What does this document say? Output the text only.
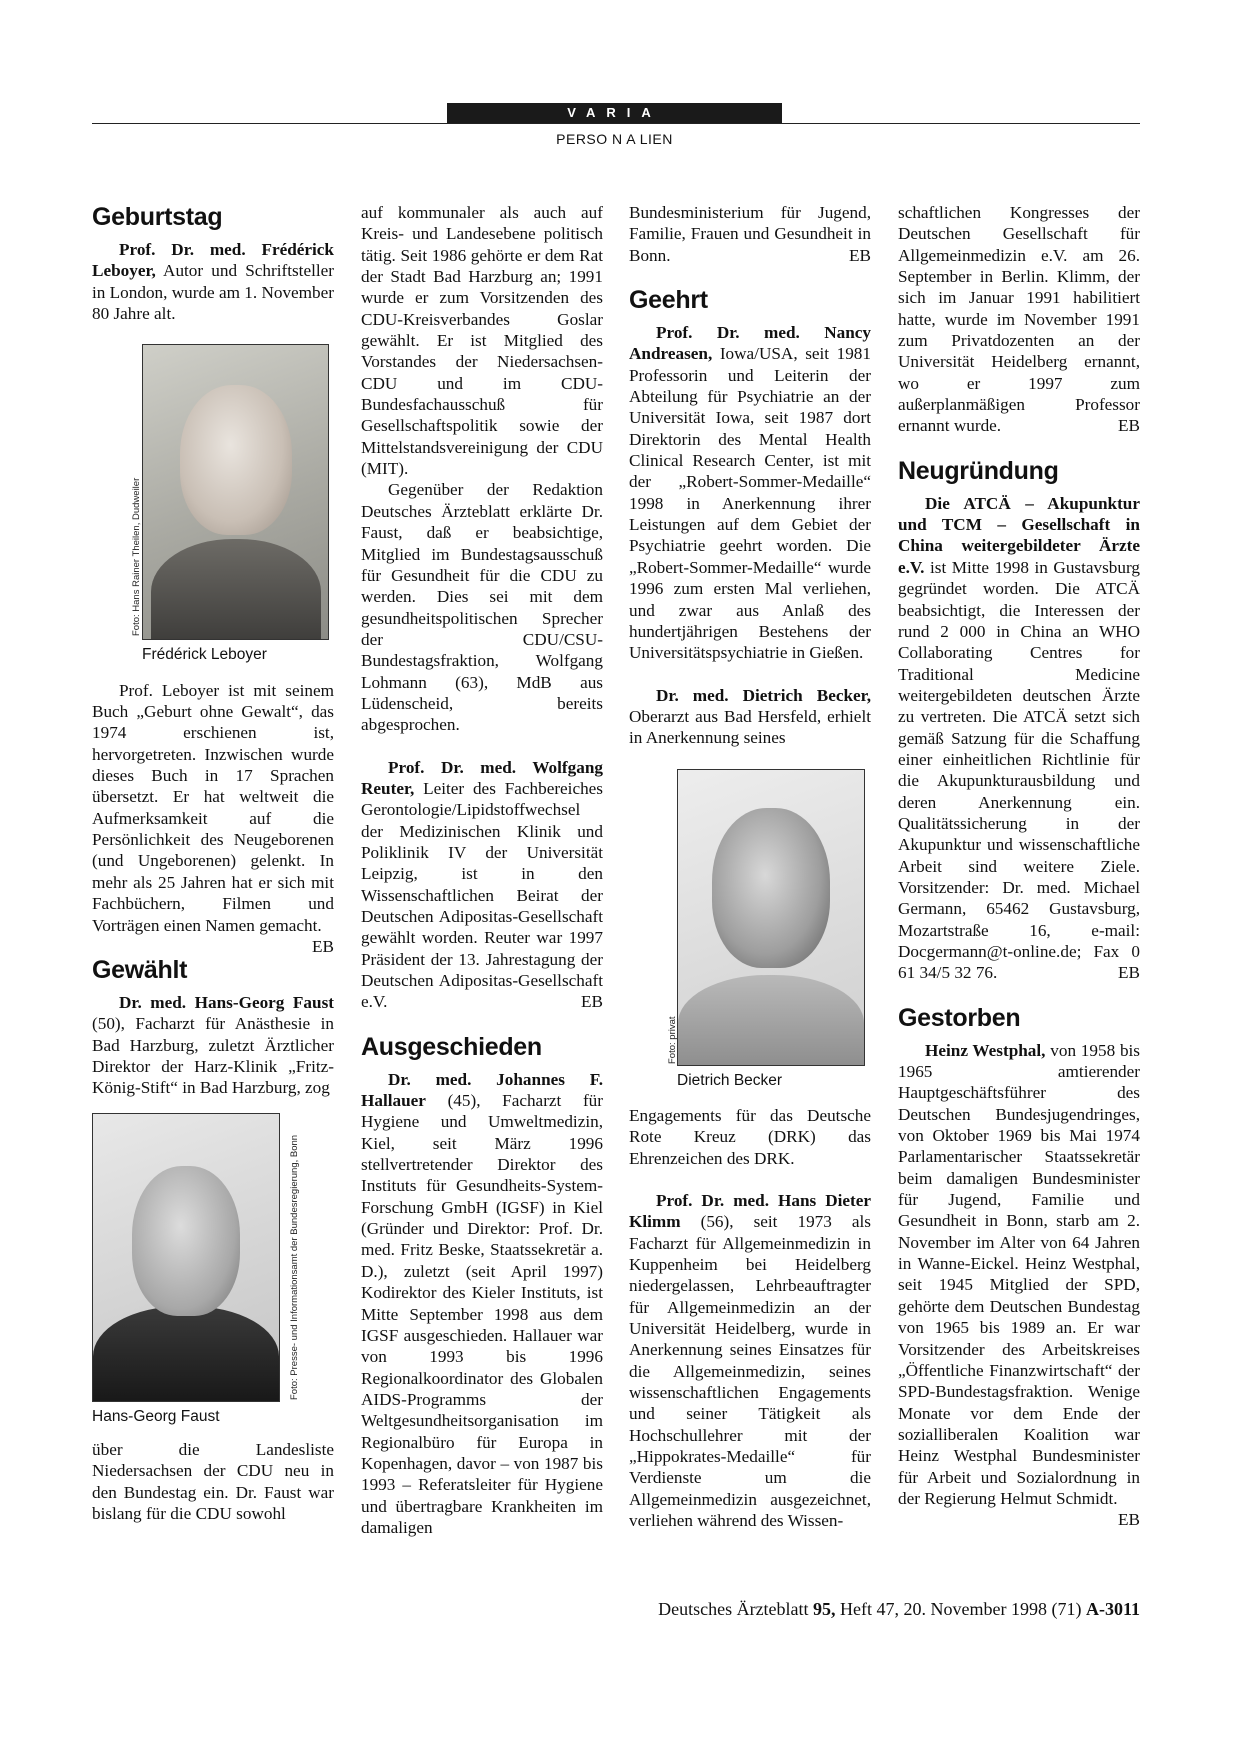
VARIA
PERSO N A LIEN
Geburtstag

Prof. Dr. med. Frédérick Leboyer, Autor und Schriftsteller in London, wurde am 1. November 80 Jahre alt.

Foto: Hans Rainer Theilen, Dudweiler
Frédérick Leboyer

Prof. Leboyer ist mit seinem Buch „Geburt ohne Gewalt“, das 1974 erschienen ist, hervorgetreten. Inzwischen wurde dieses Buch in 17 Sprachen übersetzt. Er hat weltweit die Aufmerksamkeit auf die Persönlichkeit des Neugeborenen (und Ungeborenen) gelenkt. In mehr als 25 Jahren hat er sich mit Fachbüchern, Filmen und Vorträgen einen Namen gemacht.
EB

Gewählt

Dr. med. Hans-Georg Faust (50), Facharzt für Anästhesie in Bad Harzburg, zuletzt Ärztlicher Direktor der Harz-Klinik „Fritz-König-Stift“ in Bad Harzburg, zog

Foto: Presse- und Informationsamt der Bundesregierung, Bonn
Hans-Georg Faust

über die Landesliste Niedersachsen der CDU neu in den Bundestag ein. Dr. Faust war bislang für die CDU sowohl

auf kommunaler als auch auf Kreis- und Landesebene politisch tätig. Seit 1986 gehörte er dem Rat der Stadt Bad Harzburg an; 1991 wurde er zum Vorsitzenden des CDU-Kreisverbandes Goslar gewählt. Er ist Mitglied des Vorstandes der Niedersachsen-CDU und im CDU-Bundesfachausschuß für Gesellschaftspolitik sowie der Mittelstandsvereinigung der CDU (MIT).

Gegenüber der Redaktion Deutsches Ärzteblatt erklärte Dr. Faust, daß er beabsichtige, Mitglied im Bundestagsausschuß für Gesundheit für die CDU zu werden. Dies sei mit dem gesundheitspolitischen Sprecher der CDU/CSU-Bundestagsfraktion, Wolfgang Lohmann (63), MdB aus Lüdenscheid, bereits abgesprochen.

Prof. Dr. med. Wolfgang Reuter, Leiter des Fachbereiches Gerontologie/Lipidstoffwechsel der Medizinischen Klinik und Poliklinik IV der Universität Leipzig, ist in den Wissenschaftlichen Beirat der Deutschen Adipositas-Gesellschaft gewählt worden. Reuter war 1997 Präsident der 13. Jahrestagung der Deutschen Adipositas-Gesellschaft e.V.	EB

Ausgeschieden

Dr. med. Johannes F. Hallauer (45), Facharzt für Hygiene und Umweltmedizin, Kiel, seit März 1996 stellvertretender Direktor des Instituts für Gesundheits-System-Forschung GmbH (IGSF) in Kiel (Gründer und Direktor: Prof. Dr. med. Fritz Beske, Staatssekretär a. D.), zuletzt (seit April 1997) Kodirektor des Kieler Instituts, ist Mitte September 1998 aus dem IGSF ausgeschieden. Hallauer war von 1993 bis 1996 Regionalkoordinator des Globalen AIDS-Programms der Weltgesundheitsorganisation im Regionalbüro für Europa in Kopenhagen, davor – von 1987 bis 1993 – Referatsleiter für Hygiene und übertragbare Krankheiten im damaligen

Bundesministerium für Jugend, Familie, Frauen und Gesundheit in Bonn.	EB

Geehrt

Prof. Dr. med. Nancy Andreasen, Iowa/USA, seit 1981 Professorin und Leiterin der Abteilung für Psychiatrie an der Universität Iowa, seit 1987 dort Direktorin des Mental Health Clinical Research Center, ist mit der „Robert-Sommer-Medaille“ 1998 in Anerkennung ihrer Leistungen auf dem Gebiet der Psychiatrie geehrt worden. Die „Robert-Sommer-Medaille“ wurde 1996 zum ersten Mal verliehen, und zwar aus Anlaß des hundertjährigen Bestehens der Universitätspsychiatrie in Gießen.

Dr. med. Dietrich Becker, Oberarzt aus Bad Hersfeld, erhielt in Anerkennung seines

Foto: privat
Dietrich Becker

Engagements für das Deutsche Rote Kreuz (DRK) das Ehrenzeichen des DRK.

Prof. Dr. med. Hans Dieter Klimm (56), seit 1973 als Facharzt für Allgemeinmedizin in Kuppenheim bei Heidelberg niedergelassen, Lehrbeauftragter für Allgemeinmedizin an der Universität Heidelberg, wurde in Anerkennung seines Einsatzes für die Allgemeinmedizin, seines wissenschaftlichen Engagements und seiner Tätigkeit als Hochschullehrer mit der „Hippokrates-Medaille“ für Verdienste um die Allgemeinmedizin ausgezeichnet, verliehen während des Wissen-

schaftlichen Kongresses der Deutschen Gesellschaft für Allgemeinmedizin e.V. am 26. September in Berlin. Klimm, der sich im Januar 1991 habilitiert hatte, wurde im November 1991 zum Privatdozenten an der Universität Heidelberg ernannt, wo er 1997 zum außerplanmäßigen Professor ernannt wurde.	EB

Neugründung

Die ATCÄ – Akupunktur und TCM – Gesellschaft in China weitergebildeter Ärzte e.V. ist Mitte 1998 in Gustavsburg gegründet worden. Die ATCÄ beabsichtigt, die Interessen der rund 2 000 in China an WHO Collaborating Centres for Traditional Medicine weitergebildeten deutschen Ärzte zu vertreten. Die ATCÄ setzt sich gemäß Satzung für die Schaffung einer einheitlichen Richtlinie für die Akupunkturausbildung und deren Anerkennung ein. Qualitätssicherung in der Akupunktur und wissenschaftliche Arbeit sind weitere Ziele. Vorsitzender: Dr. med. Michael Germann, 65462 Gustavsburg, Mozartstraße 16, e-mail: Docgermann@t-online.de; Fax 0 61 34/5 32 76.	EB

Gestorben

Heinz Westphal, von 1958 bis 1965 amtierender Hauptgeschäftsführer des Deutschen Bundesjugendringes, von Oktober 1969 bis Mai 1974 Parlamentarischer Staatssekretär beim damaligen Bundesminister für Jugend, Familie und Gesundheit in Bonn, starb am 2. November im Alter von 64 Jahren in Wanne-Eickel. Heinz Westphal, seit 1945 Mitglied der SPD, gehörte dem Deutschen Bundestag von 1965 bis 1989 an. Er war Vorsitzender des Arbeitskreises „Öffentliche Finanzwirtschaft“ der SPD-Bundestagsfraktion. Wenige Monate vor dem Ende der sozialliberalen Koalition war Heinz Westphal Bundesminister für Arbeit und Sozialordnung in der Regierung Helmut Schmidt.
EB

Deutsches Ärzteblatt 95, Heft 47, 20. November 1998 (71) A-3011
